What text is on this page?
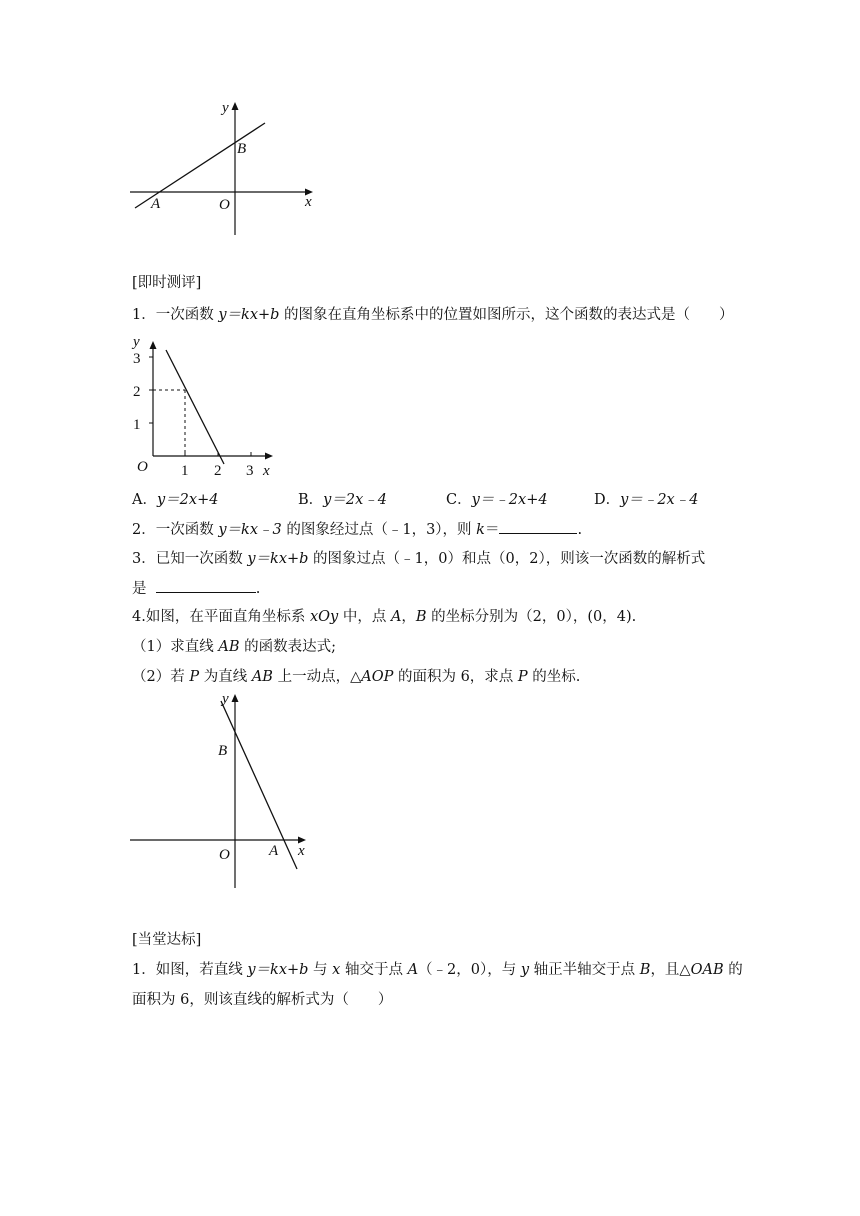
y
B
A	O	x
[即时测评]
1．一次函数 y＝kx+b 的图象在直角坐标系中的位置如图所示，这个函数的表达式是（　　）
y
3
2
1
O 1 2 3 x
A．y＝2x+4	B．y＝2x﹣4	C．y＝﹣2x+4	D．y＝﹣2x﹣4
2．一次函数 y＝kx﹣3 的图象经过点（﹣1，3），则 k＝	.
3．已知一次函数 y＝kx+b 的图象过点（﹣1，0）和点（0，2），则该一次函数的解析式
是	.
4.如图，在平面直角坐标系 xOy 中，点 A，B 的坐标分别为（2，0），(0，4).
（1）求直线 AB 的函数表达式;
（2）若 P 为直线 AB 上一动点，△AOP 的面积为 6，求点 P 的坐标.
y
B
O	A x
[当堂达标]
1．如图，若直线 y＝kx+b 与 x 轴交于点 A（﹣2，0），与 y 轴正半轴交于点 B，且△OAB 的
面积为 6，则该直线的解析式为（　　）
